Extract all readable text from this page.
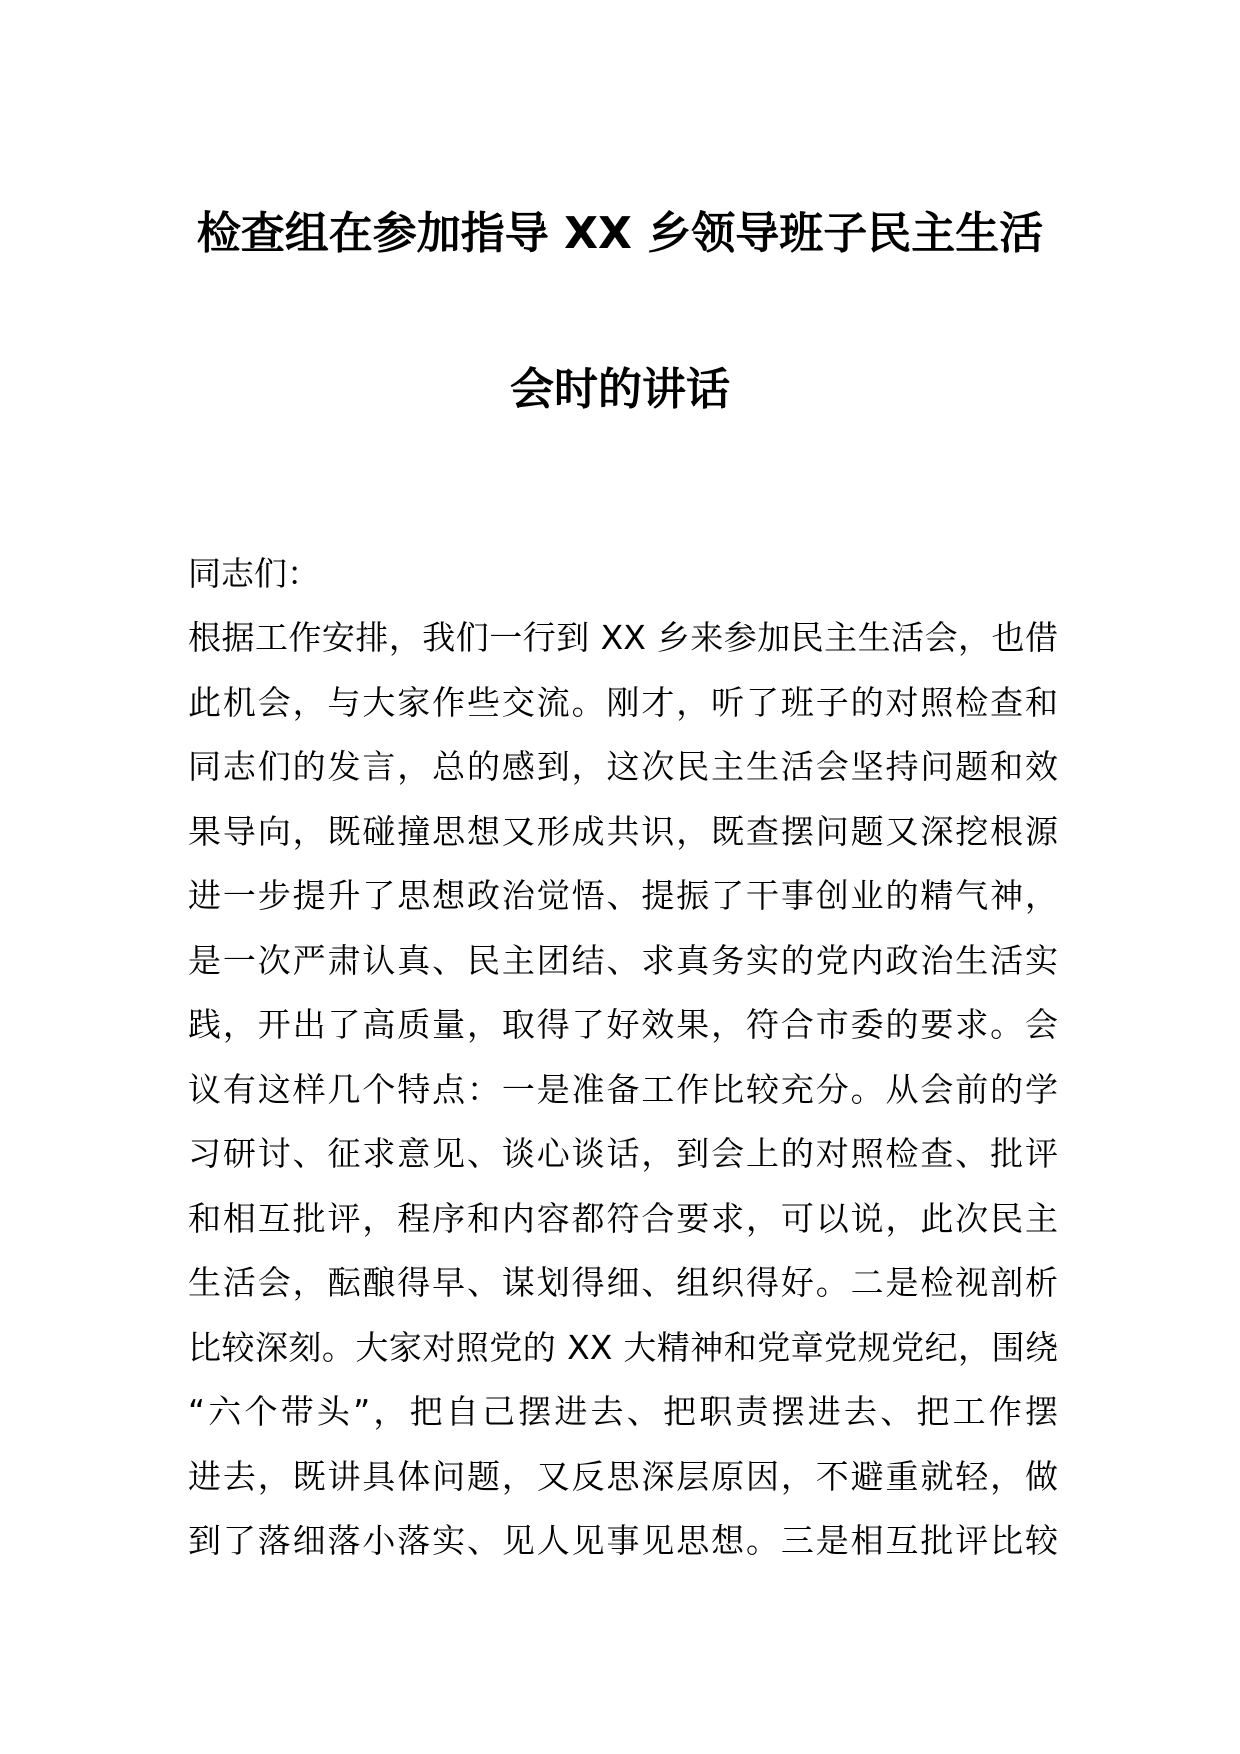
检查组在参加指导 XX 乡领导班子民主生活
会时的讲话
同志们：
根据工作安排，我们一行到 XX 乡来参加民主生活会，也借
此机会，与大家作些交流。刚才，听了班子的对照检查和
同志们的发言，总的感到，这次民主生活会坚持问题和效
果导向，既碰撞思想又形成共识，既查摆问题又深挖根源
进一步提升了思想政治觉悟、提振了干事创业的精气神，
是一次严肃认真、民主团结、求真务实的党内政治生活实
践，开出了高质量，取得了好效果，符合市委的要求。会
议有这样几个特点：一是准备工作比较充分。从会前的学
习研讨、征求意见、谈心谈话，到会上的对照检查、批评
和相互批评，程序和内容都符合要求，可以说，此次民主
生活会，酝酿得早、谋划得细、组织得好。二是检视剖析
比较深刻。大家对照党的 XX 大精神和党章党规党纪，围绕
“六个带头”，把自己摆进去、把职责摆进去、把工作摆
进去，既讲具体问题，又反思深层原因，不避重就轻，做
到了落细落小落实、见人见事见思想。三是相互批评比较
